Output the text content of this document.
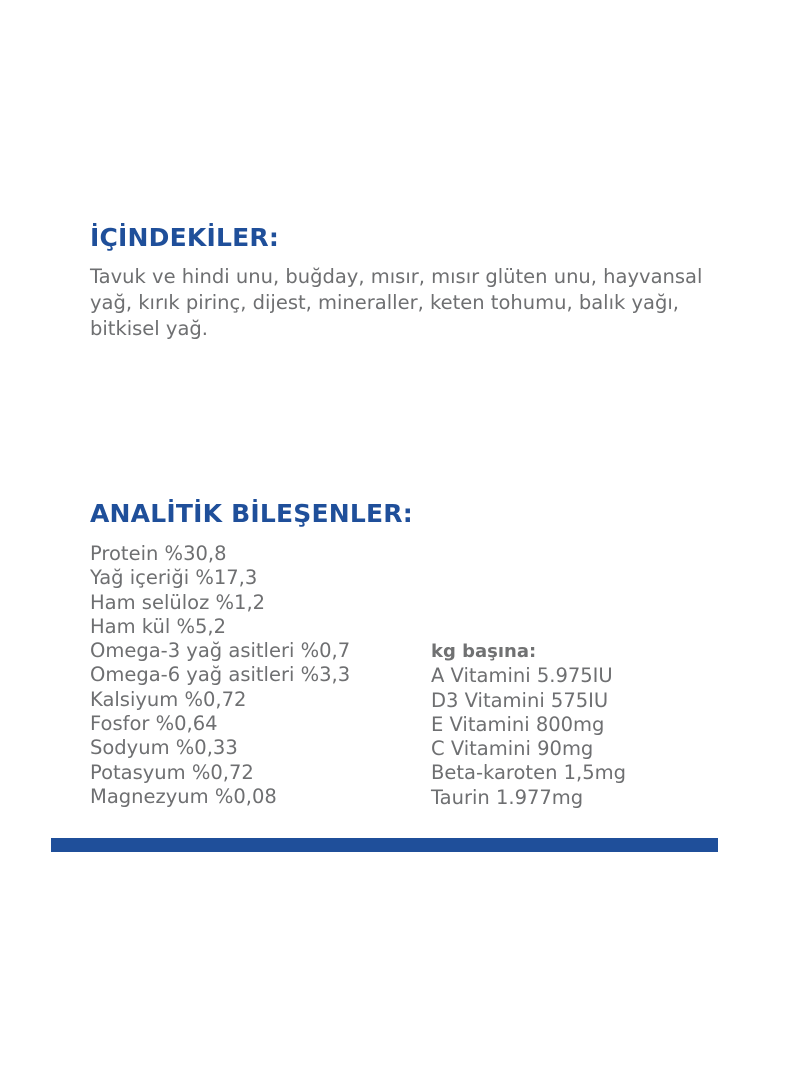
İÇİNDEKİLER:

Tavuk ve hindi unu, buğday, mısır, mısır glüten unu, hayvansal yağ, kırık pirinç, dijest, mineraller, keten tohumu, balık yağı, bitkisel yağ.

ANALİTİK BİLEŞENLER:
Protein %30,8
Yağ içeriği %17,3
Ham selüloz %1,2
Ham kül %5,2
Omega-3 yağ asitleri %0,7
Omega-6 yağ asitleri %3,3
Kalsiyum %0,72
Fosfor %0,64
Sodyum %0,33
Potasyum %0,72
Magnezyum %0,08
kg başına:
A Vitamini 5.975IU
D3 Vitamini 575IU
E Vitamini 800mg
C Vitamini 90mg
Beta-karoten 1,5mg
Taurin 1.977mg
